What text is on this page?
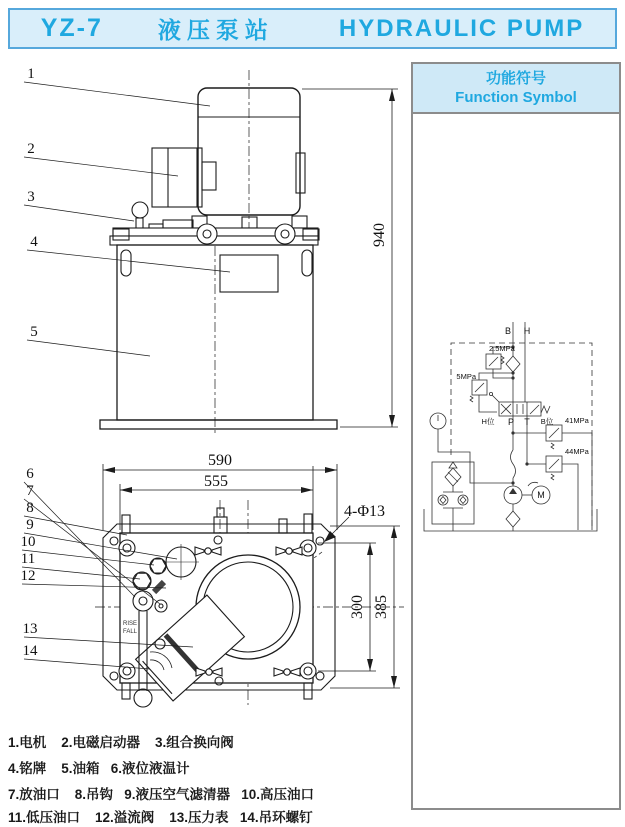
940
1
2
3
4
5
RISE
FALL
590
555
4-Φ13
300 385
6
7
8
9
10
11
12
13
14
B H
2.5MPa
5MPa
H位 P T B位 41MPa
44MPa
M
YZ-7 液压泵站	HYDRAULIC PUMP
功能符号
Function Symbol
1.电机    2.电磁启动器    3.组合换向阀
4.铭牌    5.油箱   6.液位液温计
7.放油口    8.吊钩   9.液压空气滤清器   10.高压油口
11.低压油口    12.溢流阀    13.压力表   14.吊环螺钉
